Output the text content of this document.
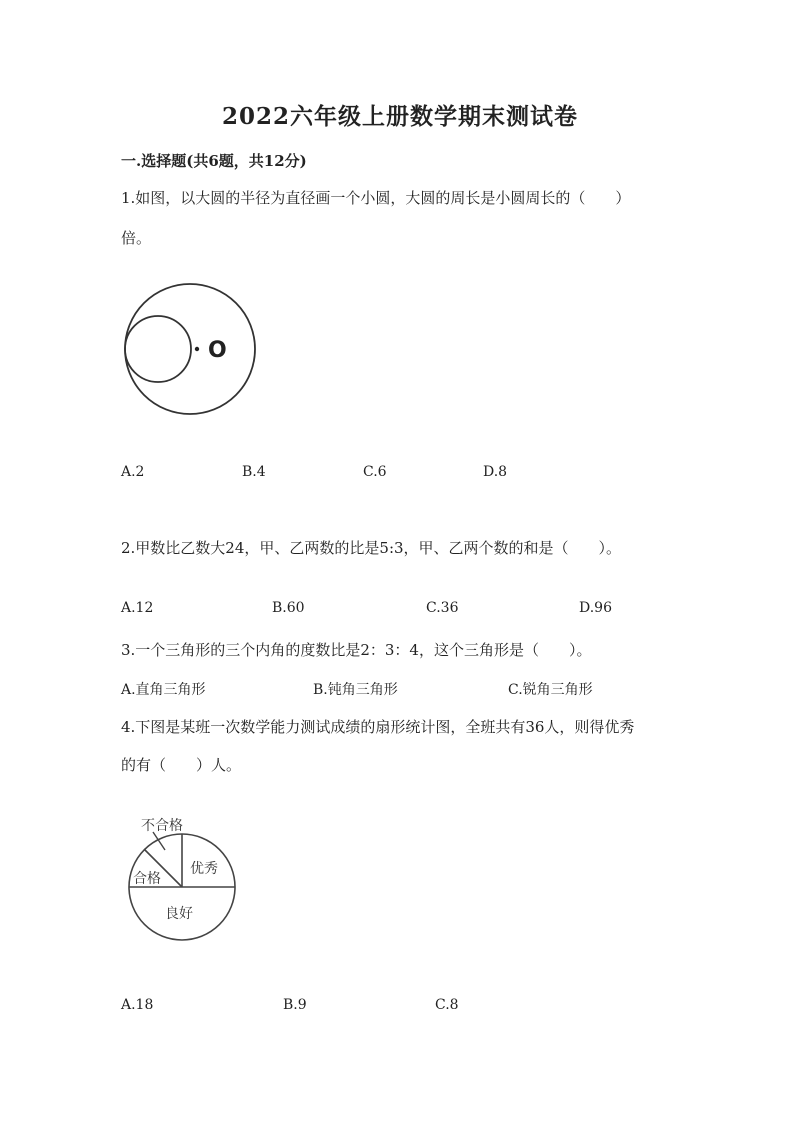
2022六年级上册数学期末测试卷
一.选择题(共6题，共12分)
1.如图，以大圆的半径为直径画一个小圆，大圆的周长是小圆周长的（　　）
倍。
O
A.2	B.4	C.6	D.8
2.甲数比乙数大24，甲、乙两数的比是5:3，甲、乙两个数的和是（　　）。
A.12	B.60	C.36	D.96
3.一个三角形的三个内角的度数比是2：3：4，这个三角形是（　　）。
A.直角三角形	B.钝角三角形	C.锐角三角形
4.下图是某班一次数学能力测试成绩的扇形统计图，全班共有36人，则得优秀
的有（　　）人。
不合格
合格
优秀
良好
A.18	B.9	C.8
